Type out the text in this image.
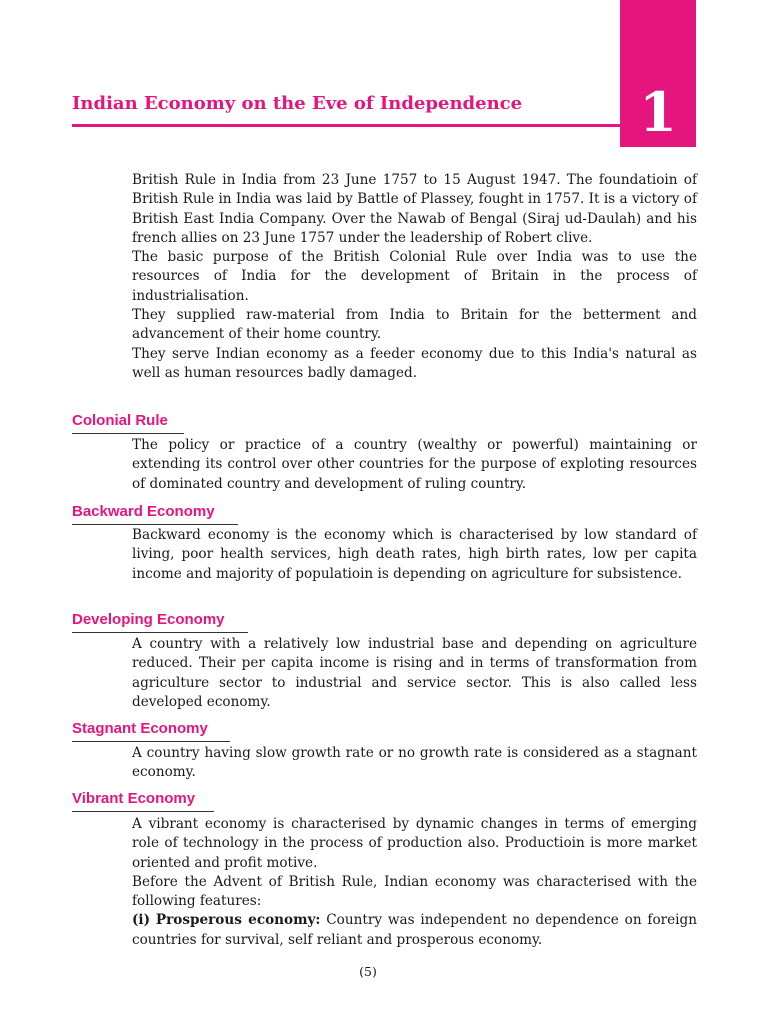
1
Indian Economy on the Eve of Independence

British Rule in India from 23 June 1757 to 15 August 1947. The foundatioin of British Rule in India was laid by Battle of Plassey, fought in 1757. It is a victory of British East India Company. Over the Nawab of Bengal (Siraj ud-Daulah) and his french allies on 23 June 1757 under the leadership of Robert clive.

The basic purpose of the British Colonial Rule over India was to use the resources of India for the development of Britain in the process of industrialisation.

They supplied raw-material from India to Britain for the betterment and advancement of their home country.

They serve Indian economy as a feeder economy due to this India's natural as well as human resources badly damaged.

Colonial Rule

The policy or practice of a country (wealthy or powerful) maintaining or extending its control over other countries for the purpose of exploting resources of dominated country and development of ruling country.

Backward Economy

Backward economy is the economy which is characterised by low standard of living, poor health services, high death rates, high birth rates, low per capita income and majority of populatioin is depending on agriculture for subsistence.

Developing Economy

A country with a relatively low industrial base and depending on agriculture reduced. Their per capita income is rising and in terms of transformation from agriculture sector to industrial and service sector. This is also called less developed economy.

Stagnant Economy

A country having slow growth rate or no growth rate is considered as a stagnant economy.

Vibrant Economy

A vibrant economy is characterised by dynamic changes in terms of emerging role of technology in the process of production also. Productioin is more market oriented and profit motive.

Before the Advent of British Rule, Indian economy was characterised with the following features:

(i) Prosperous economy: Country was independent no dependence on foreign countries for survival, self reliant and prosperous economy.

(5)
